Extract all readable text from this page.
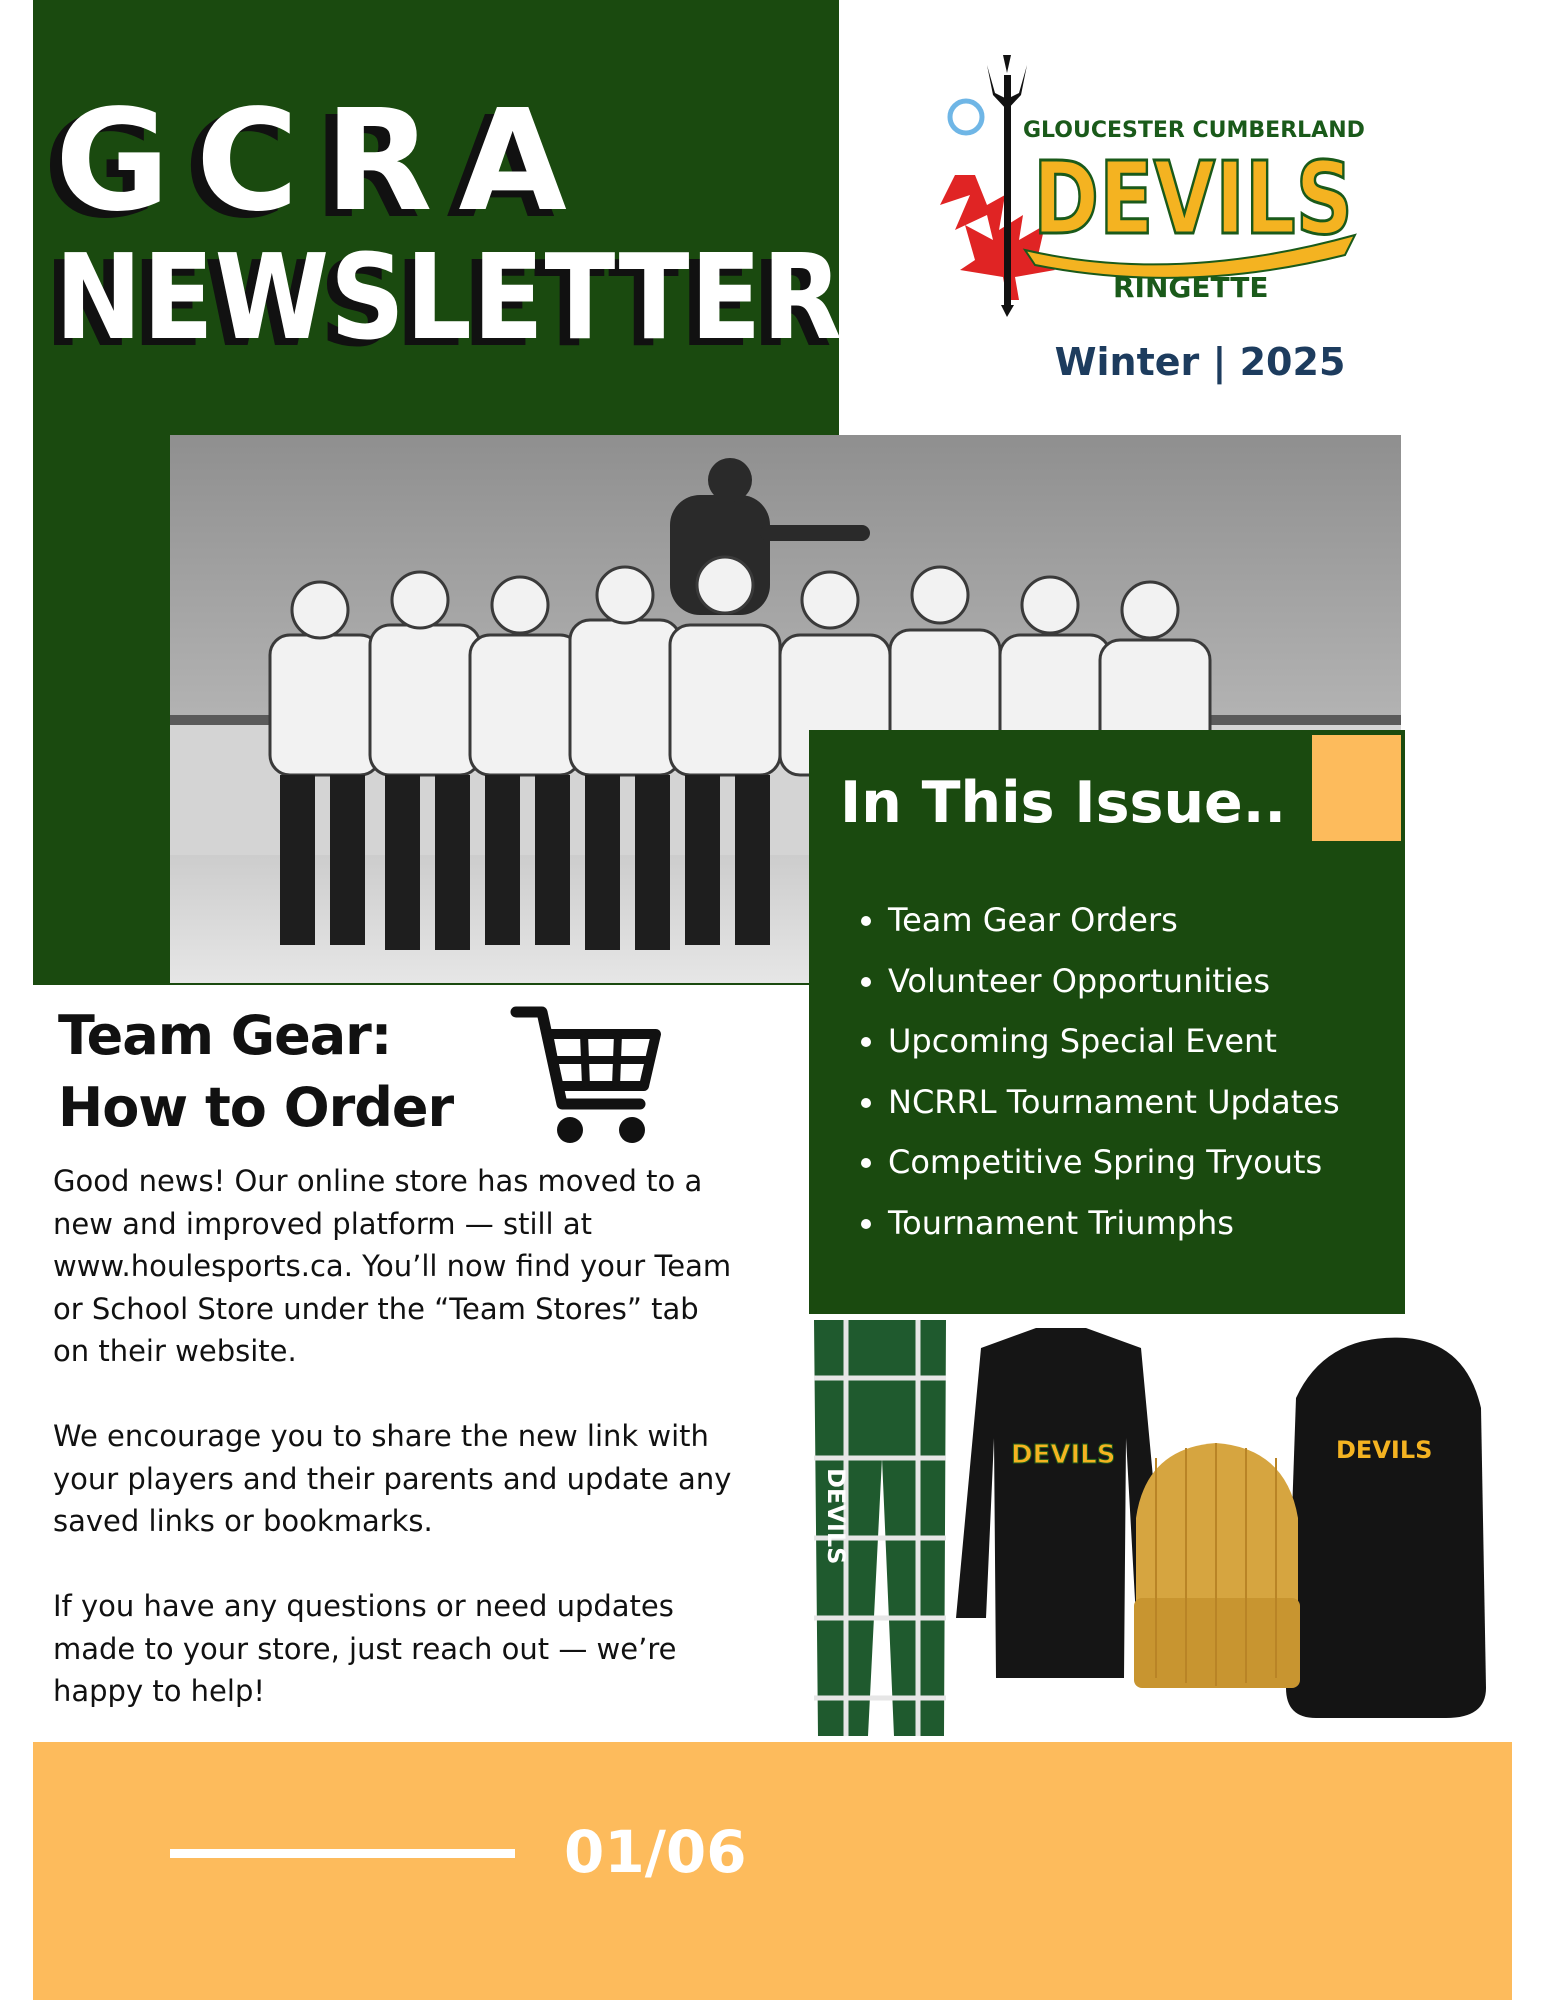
GCRA
NEWSLETTER
GLOUCESTER CUMBERLAND
DEVILS
RINGETTE
Winter | 2025
In This Issue..
• Team Gear Orders
• Volunteer Opportunities
• Upcoming Special Event
• NCRRL Tournament Updates
• Competitive Spring Tryouts
• Tournament Triumphs
Team Gear:
How to Order

Good news! Our online store has moved to a new and improved platform — still at www.houlesports.ca. You’ll now find your Team or School Store under the “Team Stores” tab on their website.

We encourage you to share the new link with your players and their parents and update any saved links or bookmarks.

If you have any questions or need updates made to your store, just reach out — we’re happy to help!

DEVILS
DEVILS	DEVILS
01/06
